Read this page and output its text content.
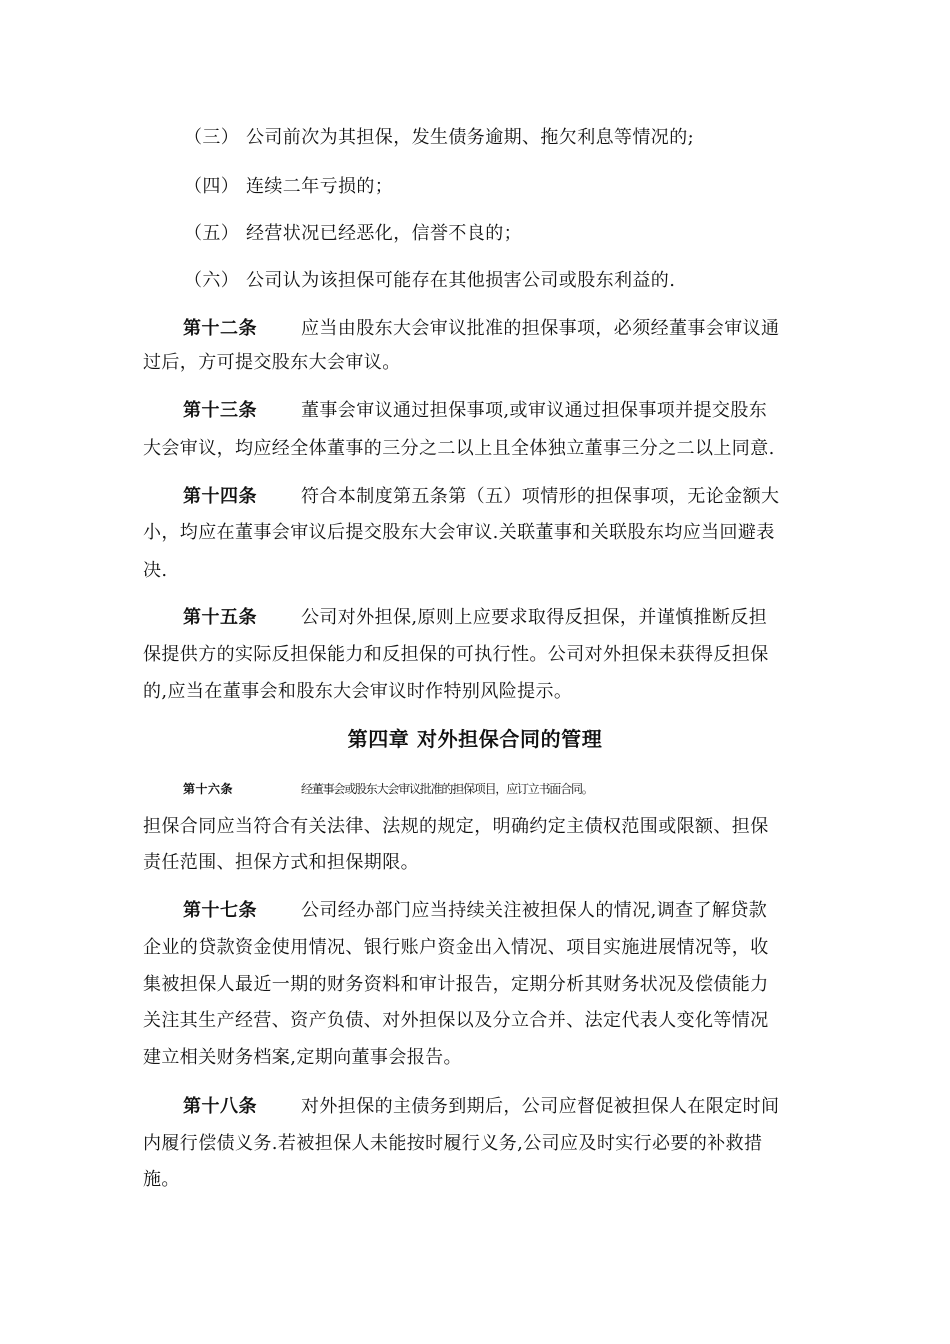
（三） 公司前次为其担保，发生债务逾期、拖欠利息等情况的;
（四） 连续二年亏损的；
（五） 经营状况已经恶化，信誉不良的；
（六） 公司认为该担保可能存在其他损害公司或股东利益的.
第十二条 应当由股东大会审议批准的担保事项，必须经董事会审议通
过后，方可提交股东大会审议。
第十三条 董事会审议通过担保事项,或审议通过担保事项并提交股东
大会审议，均应经全体董事的三分之二以上且全体独立董事三分之二以上同意.
第十四条 符合本制度第五条第（五）项情形的担保事项，无论金额大
小，均应在董事会审议后提交股东大会审议.关联董事和关联股东均应当回避表
决.
第十五条 公司对外担保,原则上应要求取得反担保，并谨慎推断反担
保提供方的实际反担保能力和反担保的可执行性。公司对外担保未获得反担保
的,应当在董事会和股东大会审议时作特别风险提示。
第四章 对外担保合同的管理
第十六条	经董事会或股东大会审议批准的担保项目，应订立书面合同。
担保合同应当符合有关法律、法规的规定，明确约定主债权范围或限额、担保
责任范围、担保方式和担保期限。
第十七条 公司经办部门应当持续关注被担保人的情况,调查了解贷款
企业的贷款资金使用情况、银行账户资金出入情况、项目实施进展情况等，收
集被担保人最近一期的财务资料和审计报告，定期分析其财务状况及偿债能力
关注其生产经营、资产负债、对外担保以及分立合并、法定代表人变化等情况
建立相关财务档案,定期向董事会报告。
第十八条 对外担保的主债务到期后，公司应督促被担保人在限定时间
内履行偿债义务.若被担保人未能按时履行义务,公司应及时实行必要的补救措
施。
